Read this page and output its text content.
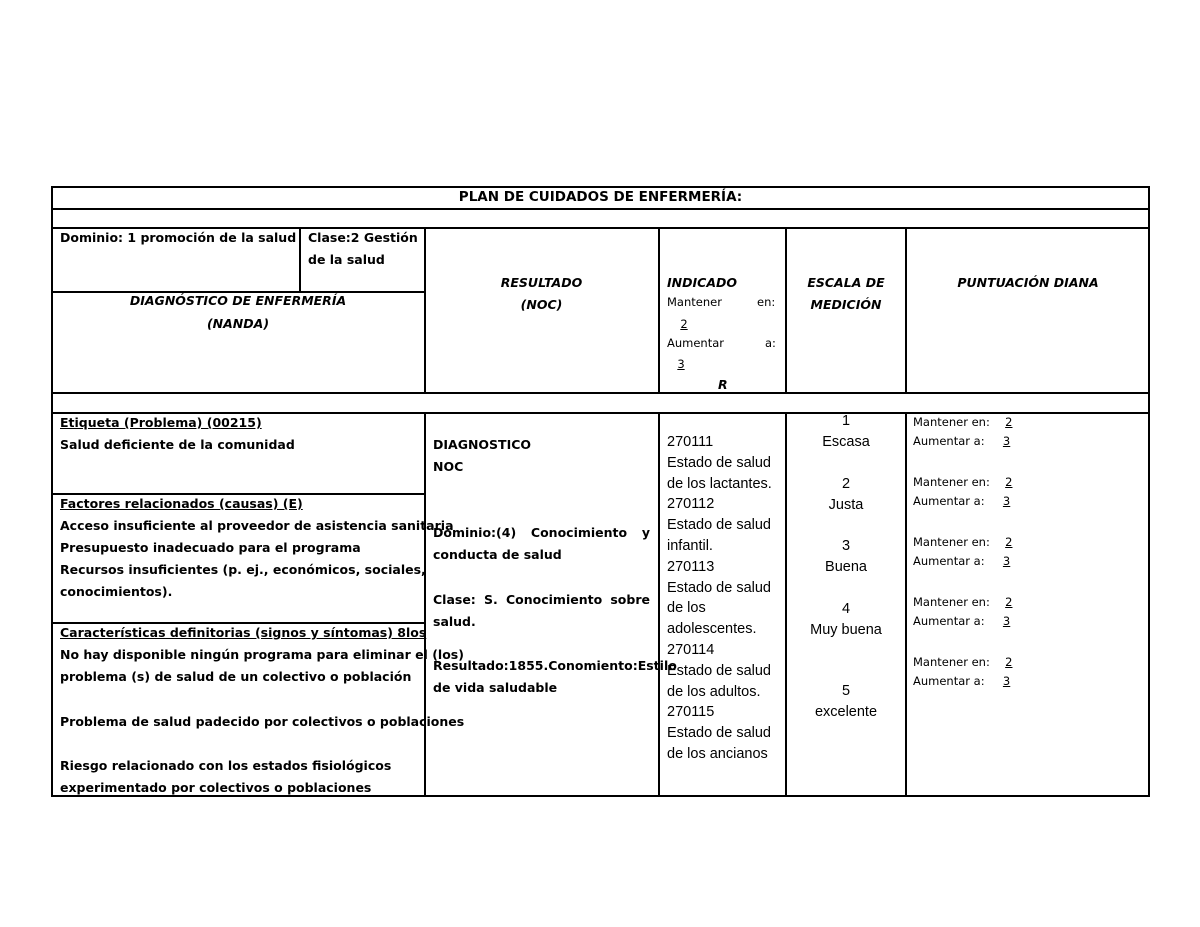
PLAN DE CUIDADOS DE ENFERMERÍA:
Dominio: 1 promoción de la salud Clase:2 Gestión
de la salud
DIAGNÓSTICO DE ENFERMERÍA
(NANDA)
RESULTADO
(NOC)
INDICADO
Mantener	en:
2
Aumentar	a:
3
R
ESCALA DE
MEDICIÓN
PUNTUACIÓN DIANA
Etiqueta (Problema) (00215)
Salud deficiente de la comunidad
Factores relacionados (causas) (E)
Acceso insuficiente al proveedor de asistencia sanitaria
Presupuesto inadecuado para el programa
Recursos insuficientes (p. ej., económicos, sociales,
conocimientos).
Características definitorias (signos y síntomas) 8los
No hay disponible ningún programa para eliminar el (los)
problema (s) de salud de un colectivo o población
Problema de salud padecido por colectivos o poblaciones
Riesgo relacionado con los estados fisiológicos
experimentado por colectivos o poblaciones
DIAGNOSTICO
NOC
Dominio:(4) Conocimiento y
conducta de salud
Clase: S. Conocimiento sobre
salud.
Resultado:1855.Conomiento:Estilo
de vida saludable
270111
Estado de salud
de los lactantes.
270112
Estado de salud
infantil.
270113
Estado de salud
de los
adolescentes.
270114
Estado de salud
de los adultos.
270115
Estado de salud
de los ancianos
1
Escasa
2
Justa
3
Buena
4
Muy buena
5
excelente
Mantener en: 2
Aumentar a: 3
Mantener en: 2
Aumentar a: 3
Mantener en: 2
Aumentar a: 3
Mantener en: 2
Aumentar a: 3
Mantener en: 2
Aumentar a: 3
